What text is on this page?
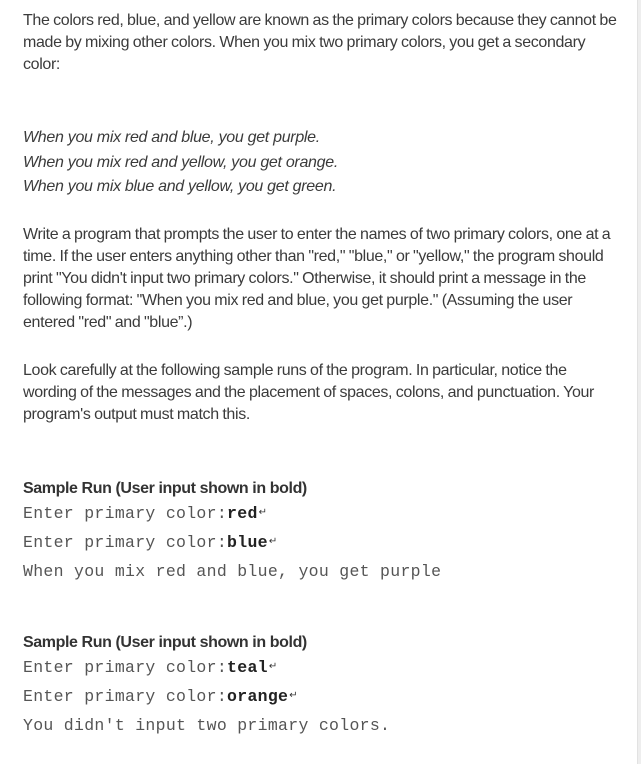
The colors red, blue, and yellow are known as the primary colors because they cannot be made by mixing other colors. When you mix two primary colors, you get a secondary color:

When you mix red and blue, you get purple.
When you mix red and yellow, you get orange.
When you mix blue and yellow, you get green.

Write a program that prompts the user to enter the names of two primary colors, one at a time. If the user enters anything other than "red," "blue," or "yellow," the program should print "You didn't input two primary colors." Otherwise, it should print a message in the following format: "When you mix red and blue, you get purple." (Assuming the user entered "red" and "blue”.)

Look carefully at the following sample runs of the program. In particular, notice the wording of the messages and the placement of spaces, colons, and punctuation. Your program's output must match this.

Sample Run (User input shown in bold)
Enter primary color:red↵
Enter primary color:blue↵
When you mix red and blue, you get purple
Sample Run (User input shown in bold)
Enter primary color:teal↵
Enter primary color:orange↵
You didn't input two primary colors.
